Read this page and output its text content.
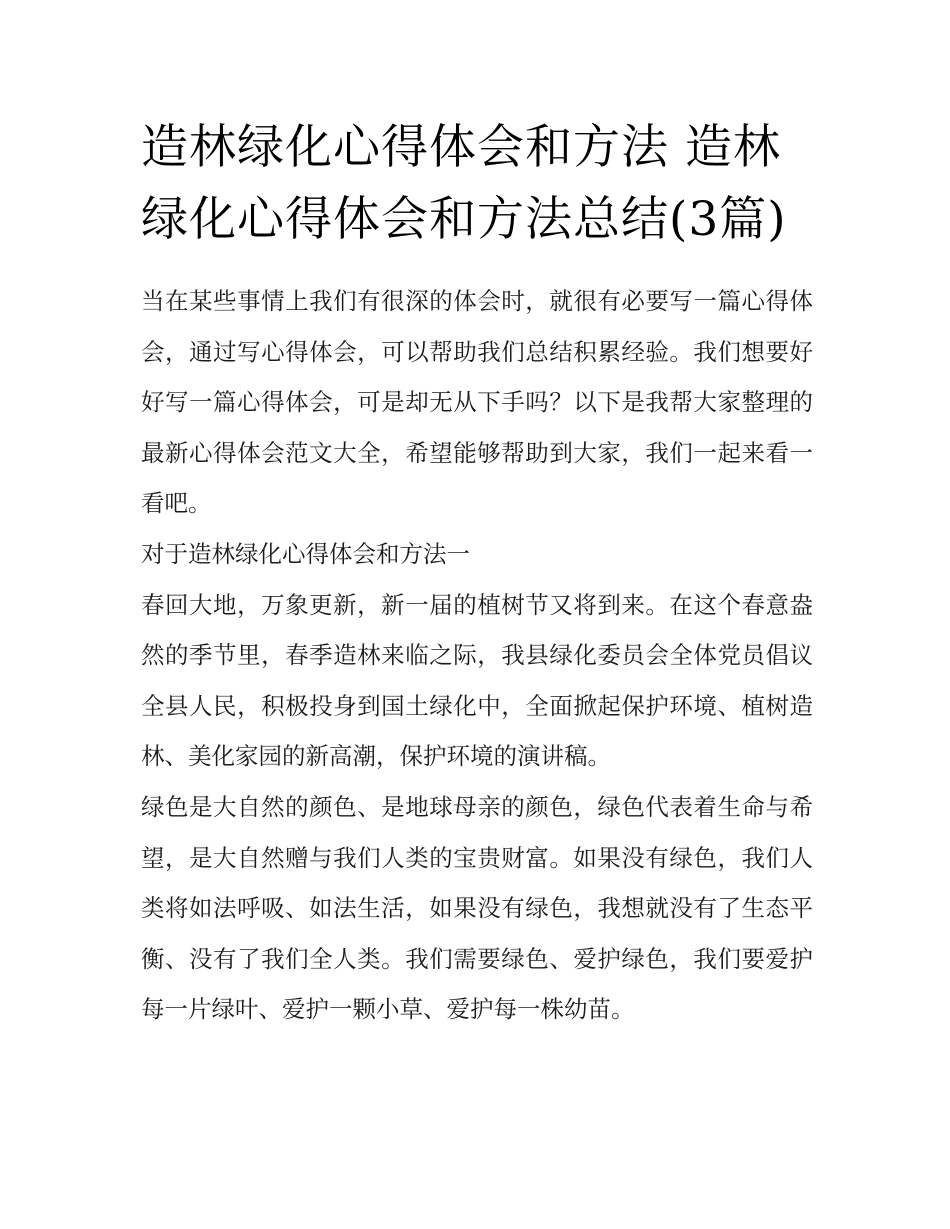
造林绿化心得体会和方法 造林绿化心得体会和方法总结(3篇)

当在某些事情上我们有很深的体会时，就很有必要写一篇心得体会，通过写心得体会，可以帮助我们总结积累经验。我们想要好好写一篇心得体会，可是却无从下手吗？以下是我帮大家整理的最新心得体会范文大全，希望能够帮助到大家，我们一起来看一看吧。

对于造林绿化心得体会和方法一

春回大地，万象更新，新一届的植树节又将到来。在这个春意盎然的季节里，春季造林来临之际，我县绿化委员会全体党员倡议全县人民，积极投身到国土绿化中，全面掀起保护环境、植树造林、美化家园的新高潮，保护环境的演讲稿。

绿色是大自然的颜色、是地球母亲的颜色，绿色代表着生命与希望，是大自然赠与我们人类的宝贵财富。如果没有绿色，我们人类将如法呼吸、如法生活，如果没有绿色，我想就没有了生态平衡、没有了我们全人类。我们需要绿色、爱护绿色，我们要爱护每一片绿叶、爱护一颗小草、爱护每一株幼苗。
